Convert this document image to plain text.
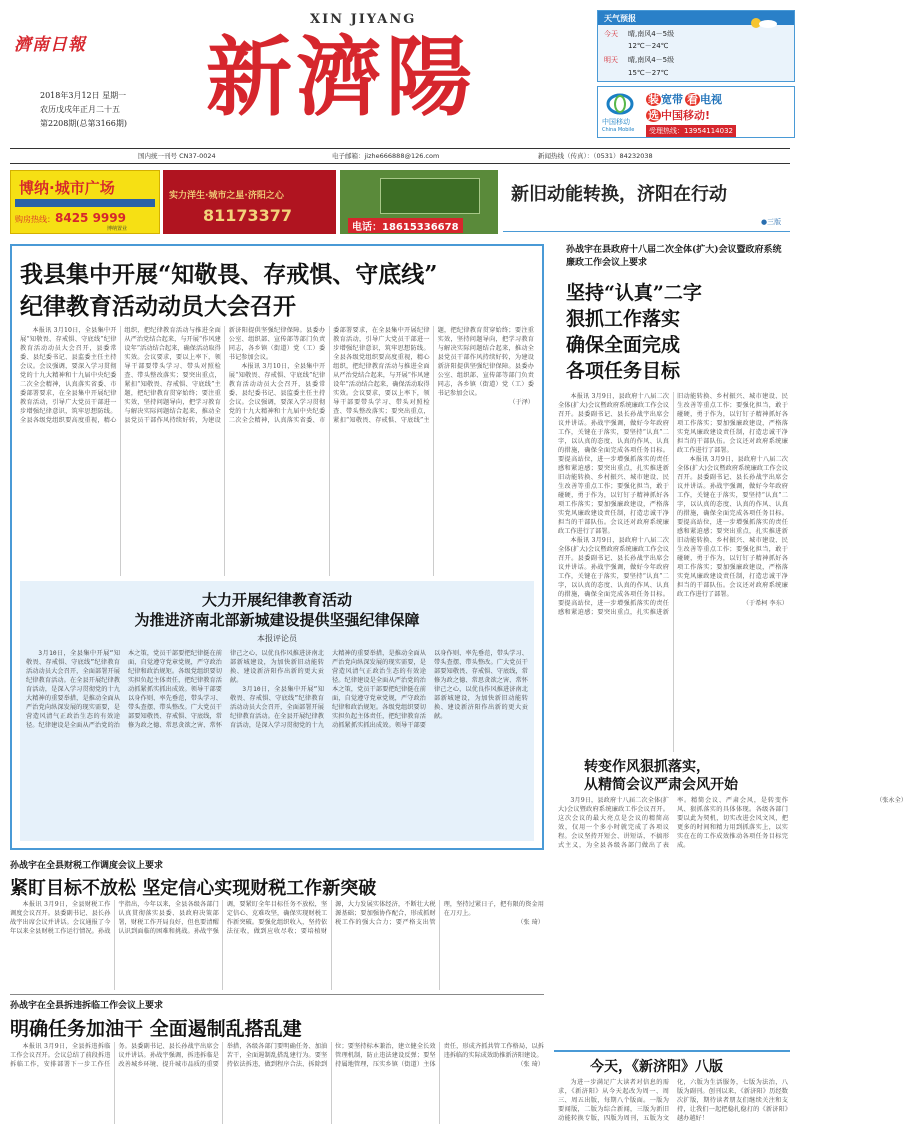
濟南日報
2018年3月12日 星期一
农历戊戌年正月二十五
第2208期(总第3166期)
XIN JIYANG
新濟陽
天气预报
今天 晴,南风4－5级
12℃－24℃
明天 晴,南风4－5级
15℃－27℃
中国移动
China Mobile
装 宽带 看 电视
选 中国移动!
受理热线：13954114032
国内统一刊号 CN37-0024	电子邮箱：jizhe666888@126.com	新闻热线（传真）：（0531）84232038
博纳·城市广场
购房热线：8425 9999
博纳置业
实力洋生·城市之星·济阳之心
81173377
电话：18615336678
新旧动能转换，济阳在行动
●三版
我县集中开展“知敬畏、存戒惧、守底线”
纪律教育活动动员大会召开

本报讯 3月10日，全县集中开展“知敬畏、存戒惧、守底线”纪律教育活动动员大会召开，县委常委、县纪委书记、县监委主任主持会议。会议强调，要深入学习贯彻党的十九大精神和十九届中央纪委二次全会精神，认真落实省委、市委部署要求，在全县集中开展纪律教育活动，引导广大党员干部进一步增强纪律意识，筑牢思想防线。全县各级党组织要高度重视，精心组织，把纪律教育活动与推进全面从严治党结合起来，与开展“作风建设年”活动结合起来，确保活动取得实效。会议要求，要以上率下，领导干部要带头学习、带头对照检查、带头整改落实；要突出重点，紧扣“知敬畏、存戒惧、守底线”主题，把纪律教育贯穿始终；要注重实效，坚持问题导向，把学习教育与解决实际问题结合起来，推动全县党员干部作风持续好转，为建设新济阳提供坚强纪律保障。县委办公室、组织部、宣传部等部门负责同志，各乡镇（街道）党（工）委书记参加会议。

本报讯 3月10日，全县集中开展“知敬畏、存戒惧、守底线”纪律教育活动动员大会召开，县委常委、县纪委书记、县监委主任主持会议。会议强调，要深入学习贯彻党的十九大精神和十九届中央纪委二次全会精神，认真落实省委、市委部署要求，在全县集中开展纪律教育活动，引导广大党员干部进一步增强纪律意识，筑牢思想防线。全县各级党组织要高度重视，精心组织，把纪律教育活动与推进全面从严治党结合起来，与开展“作风建设年”活动结合起来，确保活动取得实效。会议要求，要以上率下，领导干部要带头学习、带头对照检查、带头整改落实；要突出重点，紧扣“知敬畏、存戒惧、守底线”主题，把纪律教育贯穿始终；要注重实效，坚持问题导向，把学习教育与解决实际问题结合起来，推动全县党员干部作风持续好转，为建设新济阳提供坚强纪律保障。县委办公室、组织部、宣传部等部门负责同志，各乡镇（街道）党（工）委书记参加会议。

（于泽）

大力开展纪律教育活动
为推进济南北部新城建设提供坚强纪律保障
本报评论员

3月10日，全县集中开展“知敬畏、存戒惧、守底线”纪律教育活动动员大会召开，全面部署开展纪律教育活动。在全县开展纪律教育活动，是深入学习贯彻党的十九大精神的重要举措，是推动全面从严治党向纵深发展的现实需要，是营造风清气正政治生态的有效途径。纪律建设是全面从严治党的治本之策，党员干部要把纪律挺在前面，自觉遵守党章党规，严守政治纪律和政治规矩。各级党组织要切实担负起主体责任，把纪律教育活动抓紧抓实抓出成效。领导干部要以身作则、率先垂范，带头学习、带头查摆、带头整改。广大党员干部要知敬畏、存戒惧、守底线，常修为政之德、常思贪欲之害、常怀律己之心，以优良作风推进济南北部新城建设，为加快新旧动能转换、建设新济阳作出新的更大贡献。

3月10日，全县集中开展“知敬畏、存戒惧、守底线”纪律教育活动动员大会召开，全面部署开展纪律教育活动。在全县开展纪律教育活动，是深入学习贯彻党的十九大精神的重要举措，是推动全面从严治党向纵深发展的现实需要，是营造风清气正政治生态的有效途径。纪律建设是全面从严治党的治本之策，党员干部要把纪律挺在前面，自觉遵守党章党规，严守政治纪律和政治规矩。各级党组织要切实担负起主体责任，把纪律教育活动抓紧抓实抓出成效。领导干部要以身作则、率先垂范，带头学习、带头查摆、带头整改。广大党员干部要知敬畏、存戒惧、守底线，常修为政之德、常思贪欲之害、常怀律己之心，以优良作风推进济南北部新城建设，为加快新旧动能转换、建设新济阳作出新的更大贡献。

孙战宇在县政府十八届二次全体(扩大)会议暨政府系统廉政工作会议上要求
坚持“认真”二字
狠抓工作落实
确保全面完成
各项任务目标

本报讯 3月9日，县政府十八届二次全体(扩大)会议暨政府系统廉政工作会议召开。县委副书记、县长孙战宇出席会议并讲话。孙战宇强调，做好今年政府工作，关键在于落实，要坚持“认真”二字，以认真的态度、认真的作风、认真的措施，确保全面完成各项任务目标。要提高站位，进一步增强抓落实的责任感和紧迫感；要突出重点，扎实推进新旧动能转换、乡村振兴、城市建设、民生改善等重点工作；要强化担当，敢于碰硬，勇于作为，以钉钉子精神抓好各项工作落实；要加强廉政建设，严格落实党风廉政建设责任制，打造忠诚干净担当的干部队伍。会议还对政府系统廉政工作进行了部署。

本报讯 3月9日，县政府十八届二次全体(扩大)会议暨政府系统廉政工作会议召开。县委副书记、县长孙战宇出席会议并讲话。孙战宇强调，做好今年政府工作，关键在于落实，要坚持“认真”二字，以认真的态度、认真的作风、认真的措施，确保全面完成各项任务目标。要提高站位，进一步增强抓落实的责任感和紧迫感；要突出重点，扎实推进新旧动能转换、乡村振兴、城市建设、民生改善等重点工作；要强化担当，敢于碰硬，勇于作为，以钉钉子精神抓好各项工作落实；要加强廉政建设，严格落实党风廉政建设责任制，打造忠诚干净担当的干部队伍。会议还对政府系统廉政工作进行了部署。

本报讯 3月9日，县政府十八届二次全体(扩大)会议暨政府系统廉政工作会议召开。县委副书记、县长孙战宇出席会议并讲话。孙战宇强调，做好今年政府工作，关键在于落实，要坚持“认真”二字，以认真的态度、认真的作风、认真的措施，确保全面完成各项任务目标。要提高站位，进一步增强抓落实的责任感和紧迫感；要突出重点，扎实推进新旧动能转换、乡村振兴、城市建设、民生改善等重点工作；要强化担当，敢于碰硬，勇于作为，以钉钉子精神抓好各项工作落实；要加强廉政建设，严格落实党风廉政建设责任制，打造忠诚干净担当的干部队伍。会议还对政府系统廉政工作进行了部署。

（于希柯 李东）

转变作风狠抓落实，
从精简会议严肃会风开始

3月9日，县政府十八届二次全体(扩大)会议暨政府系统廉政工作会议召开。这次会议的最大亮点是会议的精简高效，仅用一个多小时就完成了各项议程。会议坚持开短会、讲短话，不搞形式主义，为全县各级各部门做出了表率。精简会议、严肃会风，是转变作风、狠抓落实的具体体现。各级各部门要以此为契机，切实改进会风文风，把更多的时间和精力用到抓落实上，以实实在在的工作成效推动各项任务目标完成。

（张永全）

孙战宇在全县财税工作调度会议上要求
紧盯目标不放松 坚定信心实现财税工作新突破

本报讯 3月9日，全县财税工作调度会议召开。县委副书记、县长孙战宇出席会议并讲话。会议通报了今年以来全县财税工作运行情况。孙战宇指出，今年以来，全县各级各部门认真贯彻落实县委、县政府决策部署，财税工作开局良好，但也要清醒认识到面临的困难和挑战。孙战宇强调，要紧盯全年目标任务不放松，坚定信心、克难攻坚，确保实现财税工作新突破。要强化组织收入，坚持依法征收，做到应收尽收；要培植财源，大力发展实体经济，不断壮大税源基础；要加强协作配合，形成抓财税工作的强大合力；要严格支出管理，坚持过紧日子，把有限的资金用在刀刃上。

（张 琦）

孙战宇在全县拆违拆临工作会议上要求
明确任务加油干 全面遏制乱搭乱建

本报讯 3月9日，全县拆违拆临工作会议召开。会议总结了前段拆违拆临工作，安排部署下一步工作任务。县委副书记、县长孙战宇出席会议并讲话。孙战宇强调，拆违拆临是改善城乡环境、提升城市品质的重要举措，各级各部门要明确任务、加油苦干，全面遏制乱搭乱建行为。要坚持依法拆违，做到程序合法、拆除到位；要坚持标本兼治，建立健全长效管理机制，防止违法建设反弹；要坚持属地管理，压实乡镇（街道）主体责任，形成齐抓共管工作格局，以拆违拆临的实际成效助推新济阳建设。

（张 琦）	今天，《新济阳》八版

为进一步满足广大读者对信息的需求，《新济阳》从今天起改为周一、周三、周五出版，每期八个版面。一版为要闻版，二版为综合新闻，三版为新旧动能转换专版，四版为周刊，五版为文化，六版为生活服务，七版为法治，八版为副刊。创刊以来，《新济阳》历经数次扩版，期待读者朋友们继续关注和支持，让我们一起把稳扎稳打的《新济阳》越办越好！
